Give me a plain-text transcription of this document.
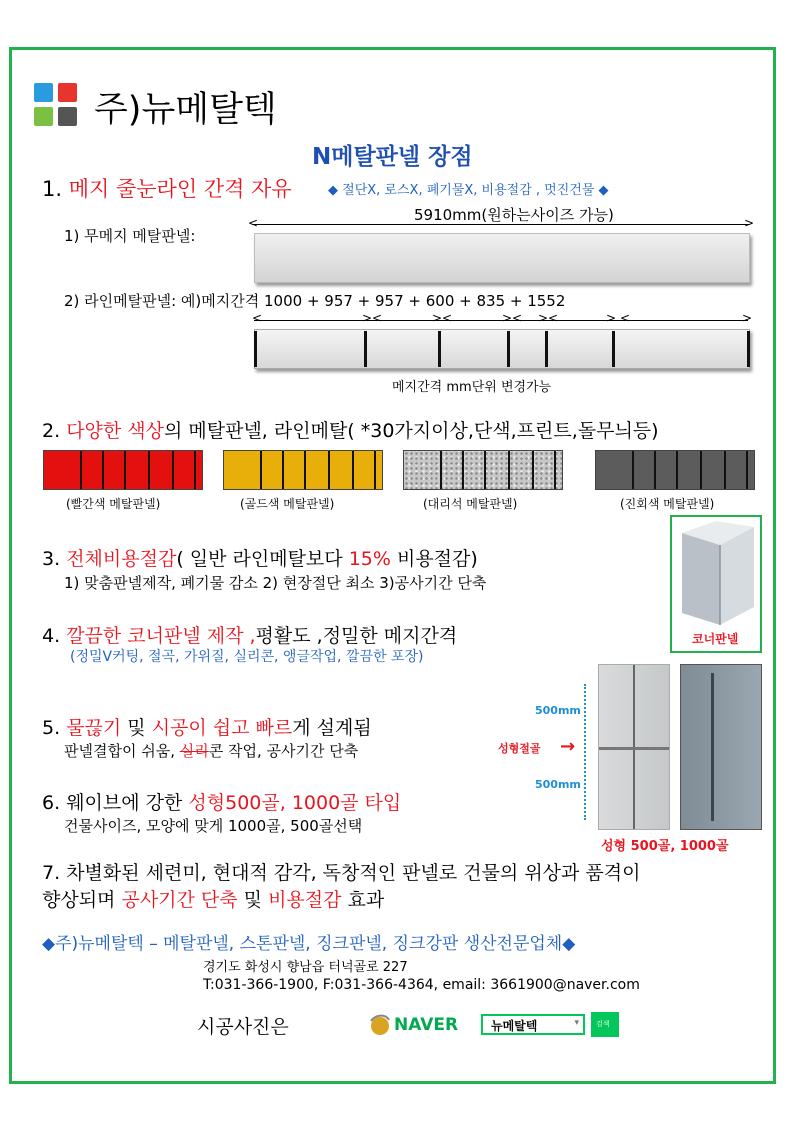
주)뉴메탈텍
N메탈판넬 장점
1. 메지 줄눈라인 간격 자유	◆ 절단X, 로스X, 폐기물X, 비용절감 , 멋진건물 ◆
5910mm(원하는사이즈 가능)
1) 무메지 메탈판넬:
<	>
2) 라인메탈판넬: 예)메지간격 1000 + 957 + 957 + 600 + 835 + 1552
<	><	><	>< ><	> <	>
메지간격 mm단위 변경가능
2. 다양한 색상의 메탈판넬, 라인메탈( *30가지이상,단색,프린트,돌무늬등)
(빨간색 메탈판넬)	(골드색 메탈판넬)	(대리석 메탈판넬)	(진회색 메탈판넬)
3. 전체비용절감( 일반 라인메탈보다 15% 비용절감)
1) 맞춤판넬제작, 폐기물 감소 2) 현장절단 최소 3)공사기간 단축
코너판넬
4. 깔끔한 코너판넬 제작 ,평활도 ,정밀한 메지간격
(정밀V커팅, 절곡, 가위질, 실리콘, 앵글작업, 깔끔한 포장)
500mm
500mm
성형절골 →
성형 500골, 1000골
5. 물끊기 및 시공이 쉽고 빠르게 설계됨
판넬결합이 쉬움, 실리콘 작업, 공사기간 단축
6. 웨이브에 강한 성형500골, 1000골 타입
건물사이즈, 모양에 맞게 1000골, 500골선택
7. 차별화된 세련미, 현대적 감각, 독창적인 판넬로 건물의 위상과 품격이
향상되며 공사기간 단축 및 비용절감 효과
◆주)뉴메탈텍 – 메탈판넬, 스톤판넬, 징크판넬, 징크강판 생산전문업체◆
경기도 화성시 향남읍 터넉골로 227
T:031-366-1900, F:031-366-4364, email: 3661900@naver.com
시공사진은	NAVER	뉴메탈텍	▾ 검색
